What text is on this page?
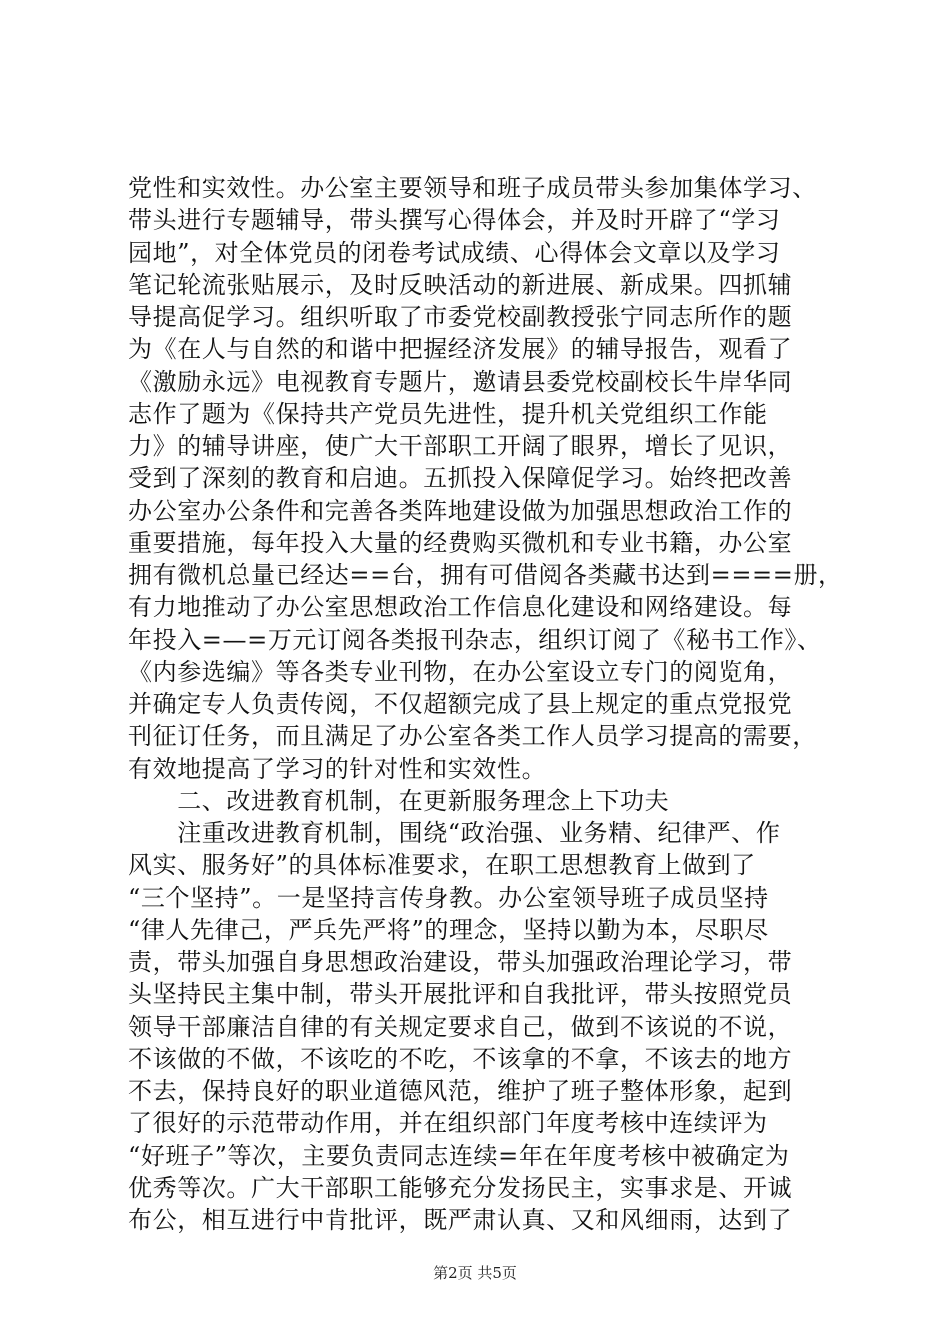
党性和实效性。办公室主要领导和班子成员带头参加集体学习、
带头进行专题辅导，带头撰写心得体会，并及时开辟了“学习
园地”，对全体党员的闭卷考试成绩、心得体会文章以及学习
笔记轮流张贴展示，及时反映活动的新进展、新成果。四抓辅
导提高促学习。组织听取了市委党校副教授张宁同志所作的题
为《在人与自然的和谐中把握经济发展》的辅导报告，观看了
《激励永远》电视教育专题片，邀请县委党校副校长牛岸华同
志作了题为《保持共产党员先进性，提升机关党组织工作能
力》的辅导讲座，使广大干部职工开阔了眼界，增长了见识，
受到了深刻的教育和启迪。五抓投入保障促学习。始终把改善
办公室办公条件和完善各类阵地建设做为加强思想政治工作的
重要措施，每年投入大量的经费购买微机和专业书籍，办公室
拥有微机总量已经达==台，拥有可借阅各类藏书达到====册，
有力地推动了办公室思想政治工作信息化建设和网络建设。每
年投入=—=万元订阅各类报刊杂志，组织订阅了《秘书工作》、
《内参选编》等各类专业刊物，在办公室设立专门的阅览角，
并确定专人负责传阅，不仅超额完成了县上规定的重点党报党
刊征订任务，而且满足了办公室各类工作人员学习提高的需要，
有效地提高了学习的针对性和实效性。
　　二、改进教育机制，在更新服务理念上下功夫
　　注重改进教育机制，围绕“政治强、业务精、纪律严、作
风实、服务好”的具体标准要求，在职工思想教育上做到了
“三个坚持”。一是坚持言传身教。办公室领导班子成员坚持
“律人先律己，严兵先严将”的理念，坚持以勤为本，尽职尽
责，带头加强自身思想政治建设，带头加强政治理论学习，带
头坚持民主集中制，带头开展批评和自我批评，带头按照党员
领导干部廉洁自律的有关规定要求自己，做到不该说的不说，
不该做的不做，不该吃的不吃，不该拿的不拿，不该去的地方
不去，保持良好的职业道德风范，维护了班子整体形象，起到
了很好的示范带动作用，并在组织部门年度考核中连续评为
“好班子”等次，主要负责同志连续=年在年度考核中被确定为
优秀等次。广大干部职工能够充分发扬民主，实事求是、开诚
布公，相互进行中肯批评，既严肃认真、又和风细雨，达到了
第2页 共5页
